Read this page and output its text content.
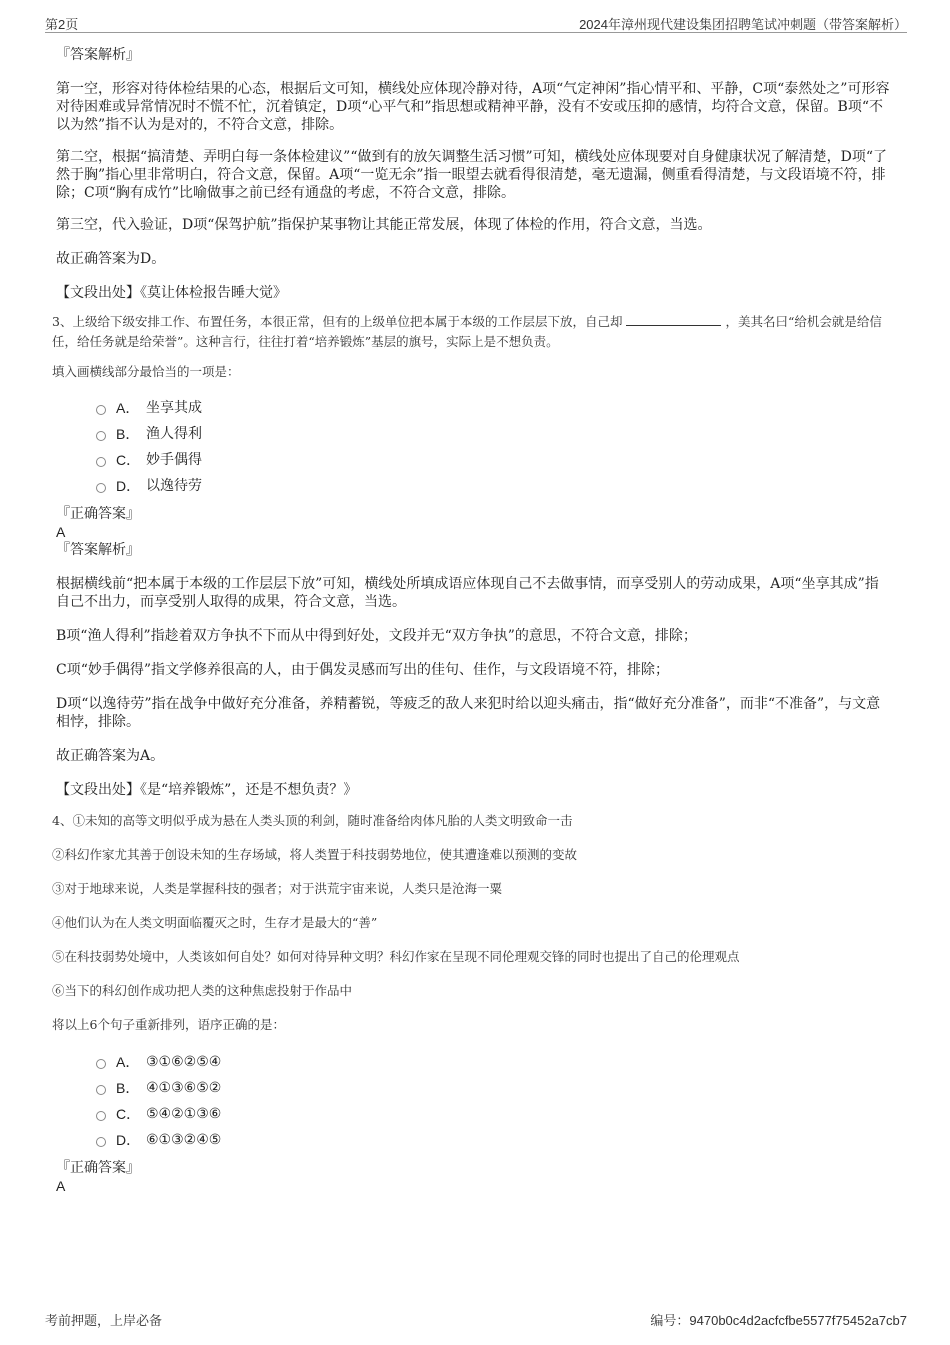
第2页	2024年漳州现代建设集团招聘笔试冲刺题（带答案解析）

『答案解析』

第一空，形容对待体检结果的心态，根据后文可知，横线处应体现冷静对待，A项“气定神闲”指心情平和、平静，C项“泰然处之”可形容对待困难或异常情况时不慌不忙，沉着镇定，D项“心平气和”指思想或精神平静，没有不安或压抑的感情，均符合文意，保留。B项“不以为然”指不认为是对的，不符合文意，排除。

第二空，根据“搞清楚、弄明白每一条体检建议”“做到有的放矢调整生活习惯”可知，横线处应体现要对自身健康状况了解清楚，D项“了然于胸”指心里非常明白，符合文意，保留。A项“一览无余”指一眼望去就看得很清楚，毫无遗漏，侧重看得清楚，与文段语境不符，排除；C项“胸有成竹”比喻做事之前已经有通盘的考虑，不符合文意，排除。

第三空，代入验证，D项“保驾护航”指保护某事物让其能正常发展，体现了体检的作用，符合文意，当选。

故正确答案为D。

【文段出处】《莫让体检报告睡大觉》

3、上级给下级安排工作、布置任务，本很正常，但有的上级单位把本属于本级的工作层层下放，自己却	，美其名曰“给机会就是给信任，给任务就是给荣誉”。这种言行，往往打着“培养锻炼”基层的旗号，实际上是不想负责。

填入画横线部分最恰当的一项是：

A． 坐享其成
B． 渔人得利
C． 妙手偶得
D． 以逸待劳

『正确答案』

A

『答案解析』

根据横线前“把本属于本级的工作层层下放”可知，横线处所填成语应体现自己不去做事情，而享受别人的劳动成果，A项“坐享其成”指自己不出力，而享受别人取得的成果，符合文意，当选。

B项“渔人得利”指趁着双方争执不下而从中得到好处，文段并无“双方争执”的意思，不符合文意，排除；

C项“妙手偶得”指文学修养很高的人，由于偶发灵感而写出的佳句、佳作，与文段语境不符，排除；

D项“以逸待劳”指在战争中做好充分准备，养精蓄锐，等疲乏的敌人来犯时给以迎头痛击，指“做好充分准备”，而非“不准备”，与文意相悖，排除。

故正确答案为A。

【文段出处】《是“培养锻炼”，还是不想负责？》

4、①未知的高等文明似乎成为悬在人类头顶的利剑，随时准备给肉体凡胎的人类文明致命一击

②科幻作家尤其善于创设未知的生存场域，将人类置于科技弱势地位，使其遭逢难以预测的变故

③对于地球来说，人类是掌握科技的强者；对于洪荒宇宙来说，人类只是沧海一粟

④他们认为在人类文明面临覆灭之时，生存才是最大的“善”

⑤在科技弱势处境中，人类该如何自处？如何对待异种文明？科幻作家在呈现不同伦理观交锋的同时也提出了自己的伦理观点

⑥当下的科幻创作成功把人类的这种焦虑投射于作品中

将以上6个句子重新排列，语序正确的是：

A． ③①⑥②⑤④
B． ④①③⑥⑤②
C． ⑤④②①③⑥
D． ⑥①③②④⑤

『正确答案』

A

考前押题，上岸必备	编号：9470b0c4d2acfcfbe5577f75452a7cb7
